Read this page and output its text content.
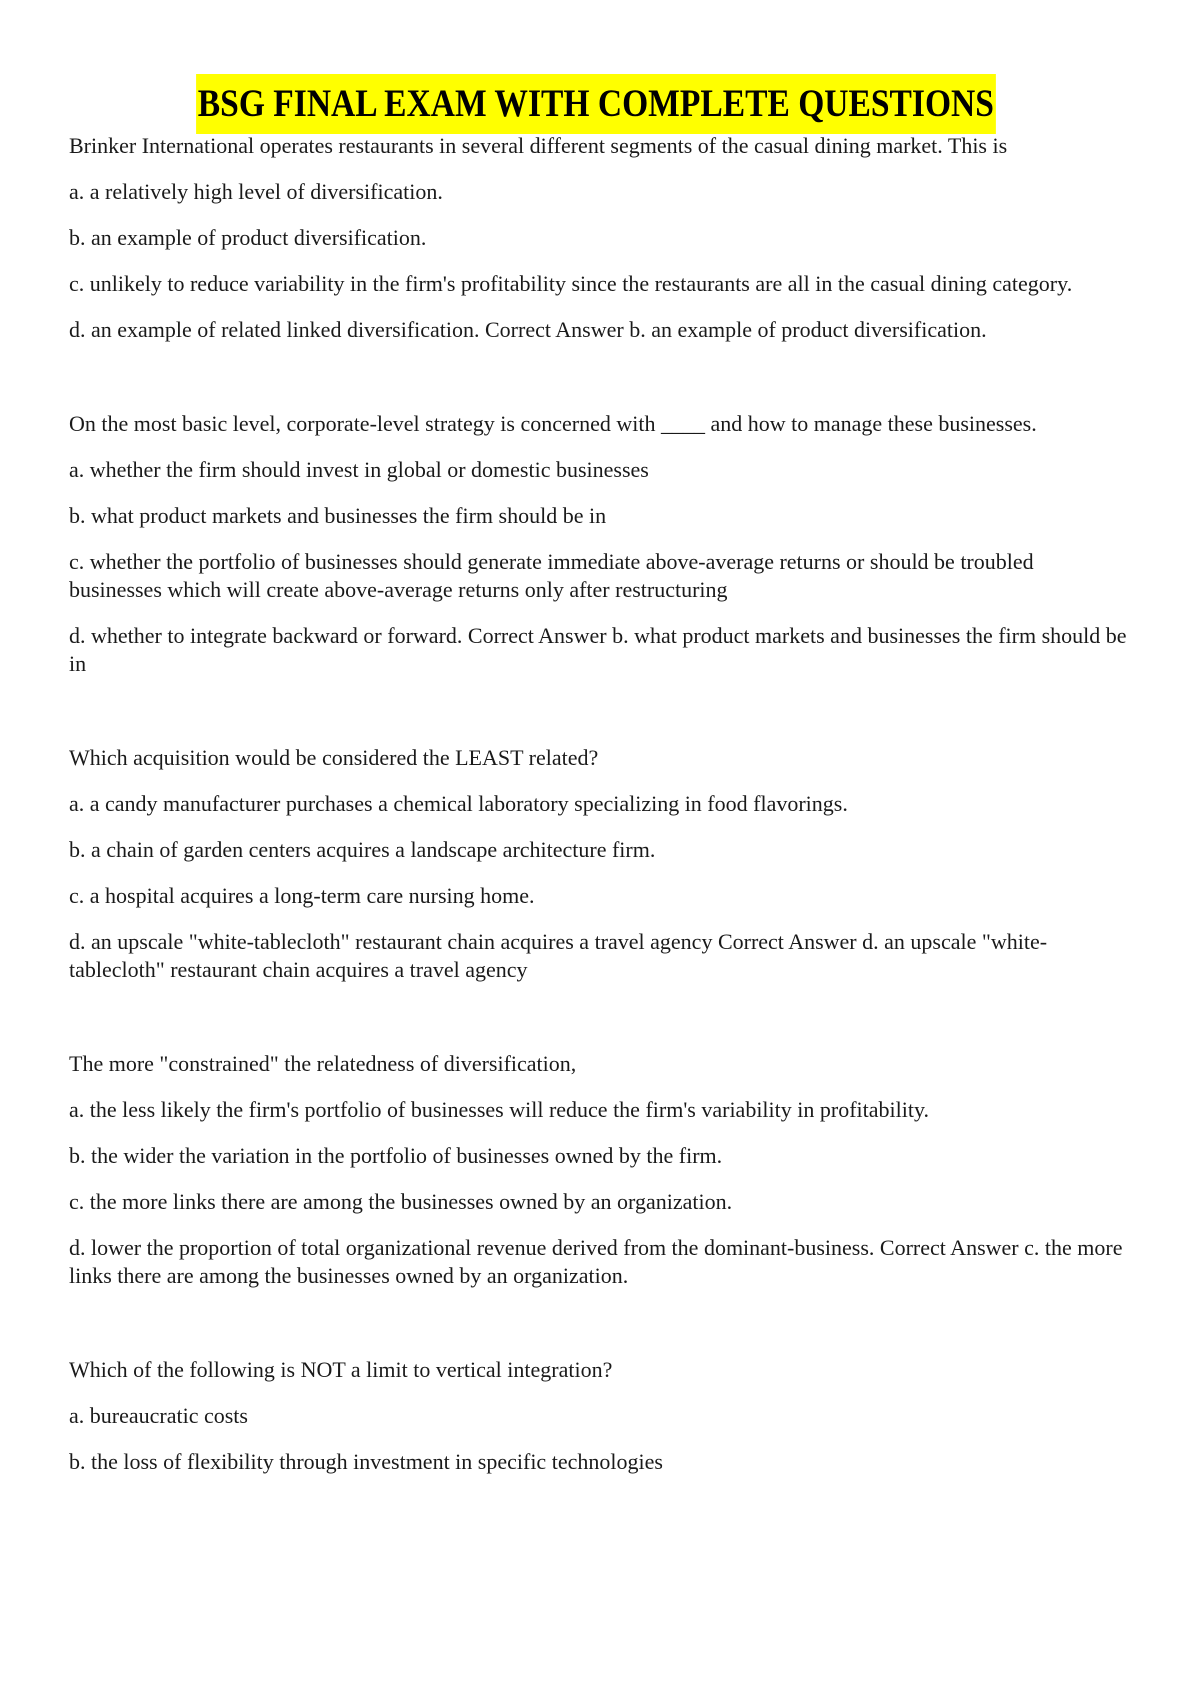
BSG FINAL EXAM WITH COMPLETE QUESTIONS

Brinker International operates restaurants in several different segments of the casual dining market. This is

a. a relatively high level of diversification.

b. an example of product diversification.

c. unlikely to reduce variability in the firm's profitability since the restaurants are all in the casual dining category.

d. an example of related linked diversification. Correct Answer b. an example of product diversification.

On the most basic level, corporate-level strategy is concerned with ____ and how to manage these businesses.

a. whether the firm should invest in global or domestic businesses

b. what product markets and businesses the firm should be in

c. whether the portfolio of businesses should generate immediate above-average returns or should be troubled businesses which will create above-average returns only after restructuring

d. whether to integrate backward or forward. Correct Answer b. what product markets and businesses the firm should be in

Which acquisition would be considered the LEAST related?

a. a candy manufacturer purchases a chemical laboratory specializing in food flavorings.

b. a chain of garden centers acquires a landscape architecture firm.

c. a hospital acquires a long-term care nursing home.

d. an upscale "white-tablecloth" restaurant chain acquires a travel agency Correct Answer d. an upscale "white-tablecloth" restaurant chain acquires a travel agency

The more "constrained" the relatedness of diversification,

a. the less likely the firm's portfolio of businesses will reduce the firm's variability in profitability.

b. the wider the variation in the portfolio of businesses owned by the firm.

c. the more links there are among the businesses owned by an organization.

d. lower the proportion of total organizational revenue derived from the dominant-business. Correct Answer c. the more links there are among the businesses owned by an organization.

Which of the following is NOT a limit to vertical integration?

a. bureaucratic costs

b. the loss of flexibility through investment in specific technologies
